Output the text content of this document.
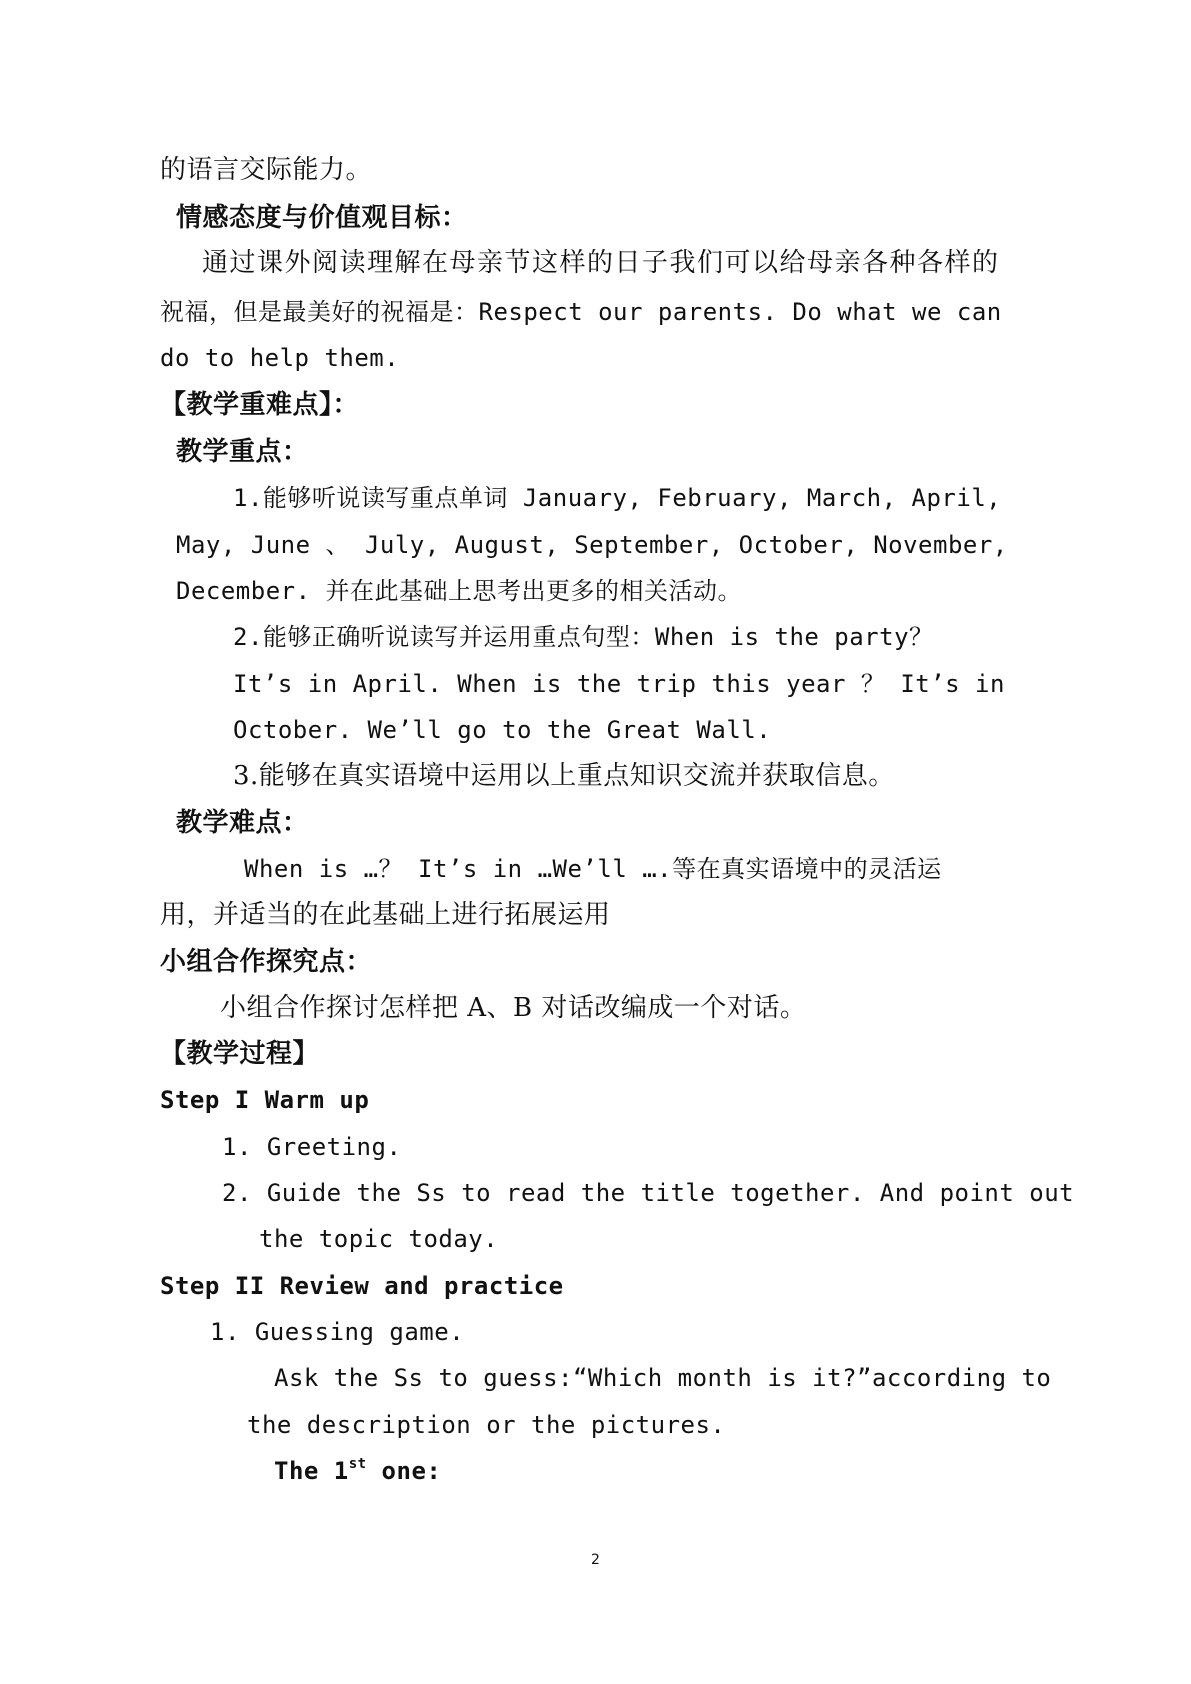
的语言交际能力。
情感态度与价值观目标：
通过课外阅读理解在母亲节这样的日子我们可以给母亲各种各样的
祝福，但是最美好的祝福是：Respect our parents. Do what we can
do to help them.
【教学重难点】：
教学重点：
1.能够听说读写重点单词 January, February, March, April,
May, June 、 July, August, September, October, November,
December. 并在此基础上思考出更多的相关活动。
2.能够正确听说读写并运用重点句型：When is the party？
It’s in April. When is the trip this year ？ It’s in
October. We’ll go to the Great Wall.
3.能够在真实语境中运用以上重点知识交流并获取信息。
教学难点：
When is …？ It’s in …We’ll ….等在真实语境中的灵活运
用，并适当的在此基础上进行拓展运用
小组合作探究点：
小组合作探讨怎样把 A、B 对话改编成一个对话。
【教学过程】
Step I Warm up
1. Greeting.
2. Guide the Ss to read the title together. And point out
the topic today.
Step II Review and practice
1. Guessing game.
Ask the Ss to guess:“Which month is it?”according to
the description or the pictures.
The 1st one:
2
